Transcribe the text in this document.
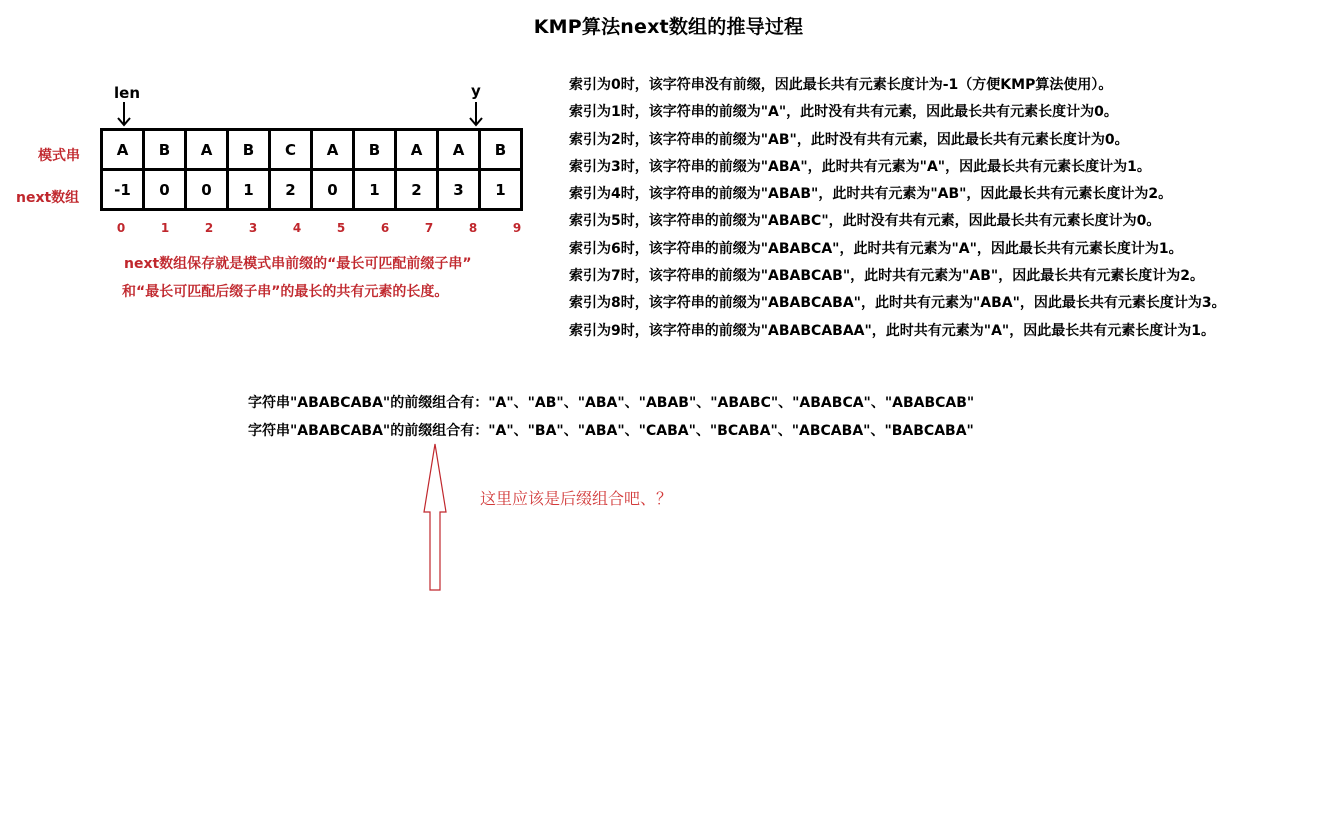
KMP算法next数组的推导过程
模式串
next数组
len	y
A	B	A	B	C	A	B	A	A	B
-1	0	0	1	2	0	1	2	3	1
0	1	2	3	4	5	6	7	8	9
next数组保存就是模式串前缀的“最长可匹配前缀子串”
和“最长可匹配后缀子串”的最长的共有元素的长度。
索引为0时，该字符串没有前缀，因此最长共有元素长度计为-1（方便KMP算法使用）。
索引为1时，该字符串的前缀为"A"，此时没有共有元素，因此最长共有元素长度计为0。
索引为2时，该字符串的前缀为"AB"，此时没有共有元素，因此最长共有元素长度计为0。
索引为3时，该字符串的前缀为"ABA"，此时共有元素为"A"，因此最长共有元素长度计为1。
索引为4时，该字符串的前缀为"ABAB"，此时共有元素为"AB"，因此最长共有元素长度计为2。
索引为5时，该字符串的前缀为"ABABC"，此时没有共有元素，因此最长共有元素长度计为0。
索引为6时，该字符串的前缀为"ABABCA"，此时共有元素为"A"，因此最长共有元素长度计为1。
索引为7时，该字符串的前缀为"ABABCAB"，此时共有元素为"AB"，因此最长共有元素长度计为2。
索引为8时，该字符串的前缀为"ABABCABA"，此时共有元素为"ABA"，因此最长共有元素长度计为3。
索引为9时，该字符串的前缀为"ABABCABAA"，此时共有元素为"A"，因此最长共有元素长度计为1。
字符串"ABABCABA"的前缀组合有："A"、"AB"、"ABA"、"ABAB"、"ABABC"、"ABABCA"、"ABABCAB"
字符串"ABABCABA"的前缀组合有："A"、"BA"、"ABA"、"CABA"、"BCABA"、"ABCABA"、"BABCABA"
这里应该是后缀组合吧、？
